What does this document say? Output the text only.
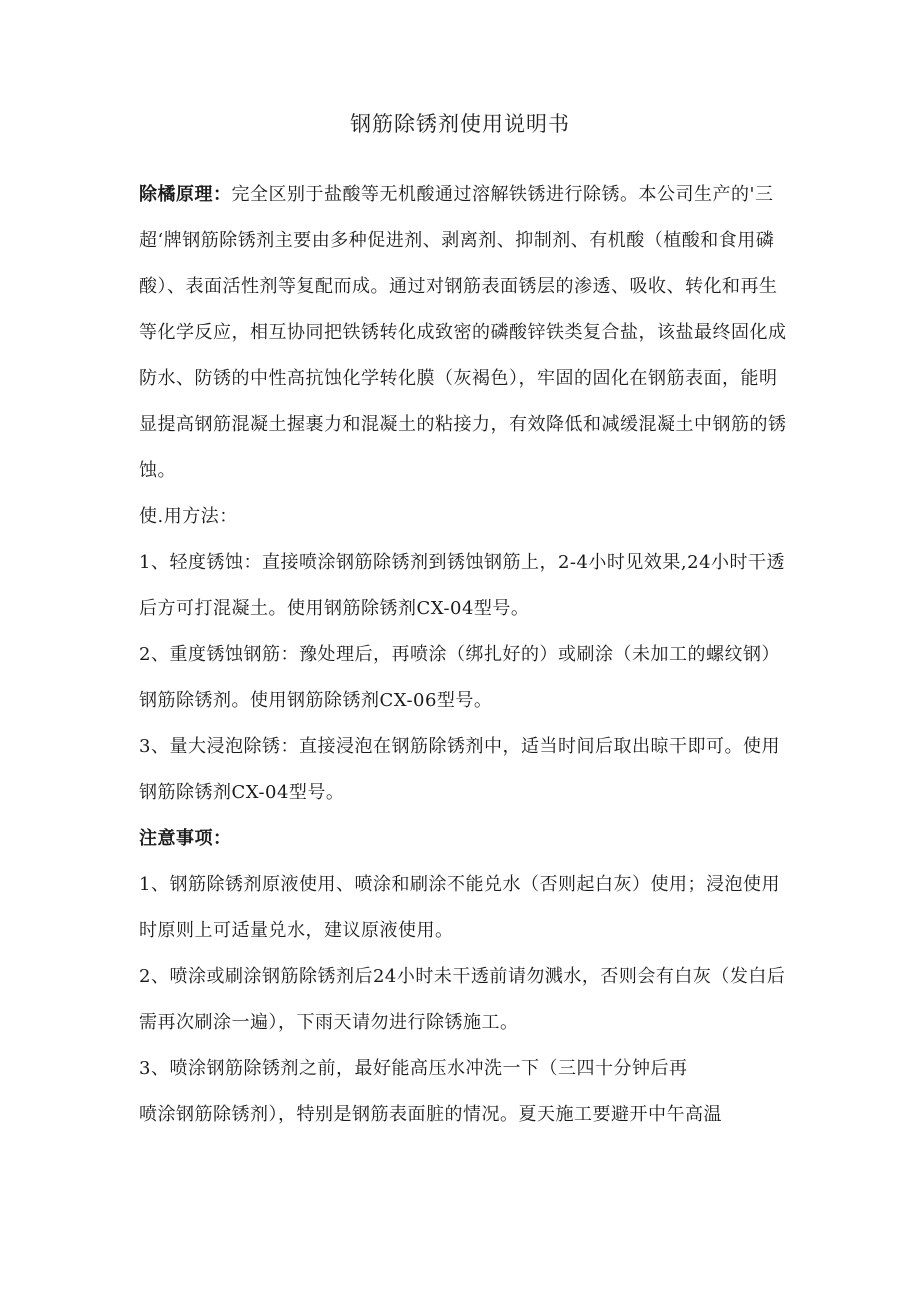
钢筋除锈剂使用说明书

除橘原理：完全区别于盐酸等无机酸通过溶解铁锈进行除锈。本公司生产的'三超‘牌钢筋除锈剂主要由多种促进剂、剥离剂、抑制剂、有机酸（植酸和食用磷酸）、表面活性剂等复配而成。通过对钢筋表面锈层的渗透、吸收、转化和再生等化学反应，相互协同把铁锈转化成致密的磷酸锌铁类复合盐，该盐最终固化成防水、防锈的中性高抗蚀化学转化膜（灰褐色），牢固的固化在钢筋表面，能明显提高钢筋混凝土握裹力和混凝土的粘接力，有效降低和减缓混凝土中钢筋的锈蚀。

使.用方法：

1、轻度锈蚀：直接喷涂钢筋除锈剂到锈蚀钢筋上，2-4小时见效果,24小时干透后方可打混凝土。使用钢筋除锈剂CX-04型号。

2、重度锈蚀钢筋：豫处理后，再喷涂（绑扎好的）或刷涂（未加工的螺纹钢）钢筋除锈剂。使用钢筋除锈剂CX-06型号。

3、量大浸泡除锈：直接浸泡在钢筋除锈剂中，适当时间后取出晾干即可。使用钢筋除锈剂CX-04型号。

注意事项：

1、钢筋除锈剂原液使用、喷涂和刷涂不能兑水（否则起白灰）使用；浸泡使用时原则上可适量兑水，建议原液使用。

2、喷涂或刷涂钢筋除锈剂后24小时未干透前请勿溅水，否则会有白灰（发白后需再次刷涂一遍），下雨天请勿进行除锈施工。

3、喷涂钢筋除锈剂之前，最好能高压水冲洗一下（三四十分钟后再

喷涂钢筋除锈剂），特别是钢筋表面脏的情况。夏天施工要避开中午高温
